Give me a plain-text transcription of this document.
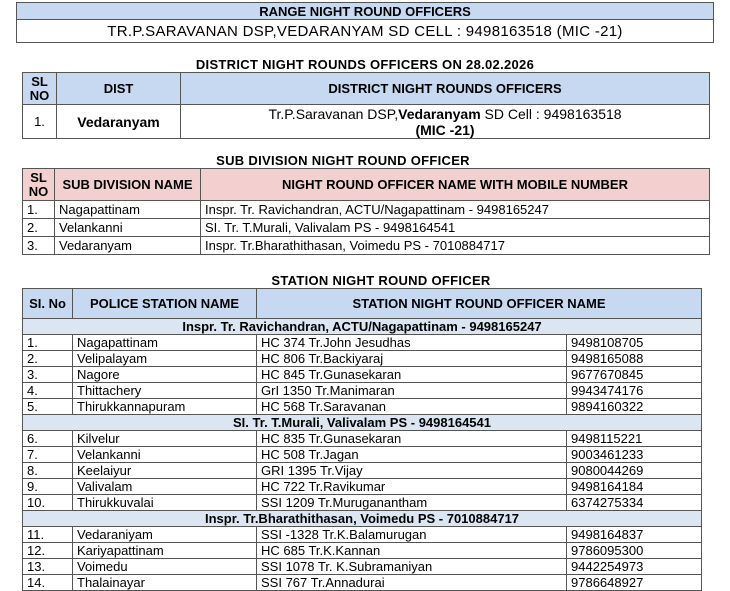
RANGE NIGHT ROUND OFFICERS
TR.P.SARAVANAN DSP,VEDARANYAM SD CELL : 9498163518 (MIC -21)
DISTRICT NIGHT ROUNDS OFFICERS ON 28.02.2026
SL NO	DIST	DISTRICT NIGHT ROUNDS OFFICERS
1.	Vedaranyam	Tr.P.Saravanan DSP,Vedaranyam SD Cell : 9498163518
(MIC -21)
SUB DIVISION NIGHT ROUND OFFICER
SL NO	SUB DIVISION NAME	NIGHT ROUND OFFICER NAME WITH MOBILE NUMBER
1.	Nagapattinam	Inspr. Tr. Ravichandran, ACTU/Nagapattinam - 9498165247
2.	Velankanni	SI. Tr. T.Murali, Valivalam PS - 9498164541
3.	Vedaranyam	Inspr. Tr.Bharathithasan, Voimedu PS - 7010884717
STATION NIGHT ROUND OFFICER
SI. No	POLICE STATION NAME	STATION NIGHT ROUND OFFICER NAME	
Inspr. Tr. Ravichandran, ACTU/Nagapattinam - 9498165247			
1.	Nagapattinam	HC 374 Tr.John Jesudhas	9498108705
2.	Velipalayam	HC 806 Tr.Backiyaraj	9498165088
3.	Nagore	HC 845 Tr.Gunasekaran	9677670845
4.	Thittachery	GrI 1350 Tr.Manimaran	9943474176
5.	Thirukkannapuram	HC 568 Tr.Saravanan	9894160322
SI. Tr. T.Murali, Valivalam PS - 9498164541			
6.	Kilvelur	HC 835 Tr.Gunasekaran	9498115221
7.	Velankanni	HC 508 Tr.Jagan	9003461233
8.	Keelaiyur	GRI 1395 Tr.Vijay	9080044269
9.	Valivalam	HC 722 Tr.Ravikumar	9498164184
10.	Thirukkuvalai	SSI 1209 Tr.Muruganantham	6374275334
Inspr. Tr.Bharathithasan, Voimedu PS - 7010884717			
11.	Vedaraniyam	SSI -1328 Tr.K.Balamurugan	9498164837
12.	Kariyapattinam	HC 685 Tr.K.Kannan	9786095300
13.	Voimedu	SSI 1078 Tr. K.Subramaniyan	9442254973
14.	Thalainayar	SSI 767 Tr.Annadurai	9786648927
